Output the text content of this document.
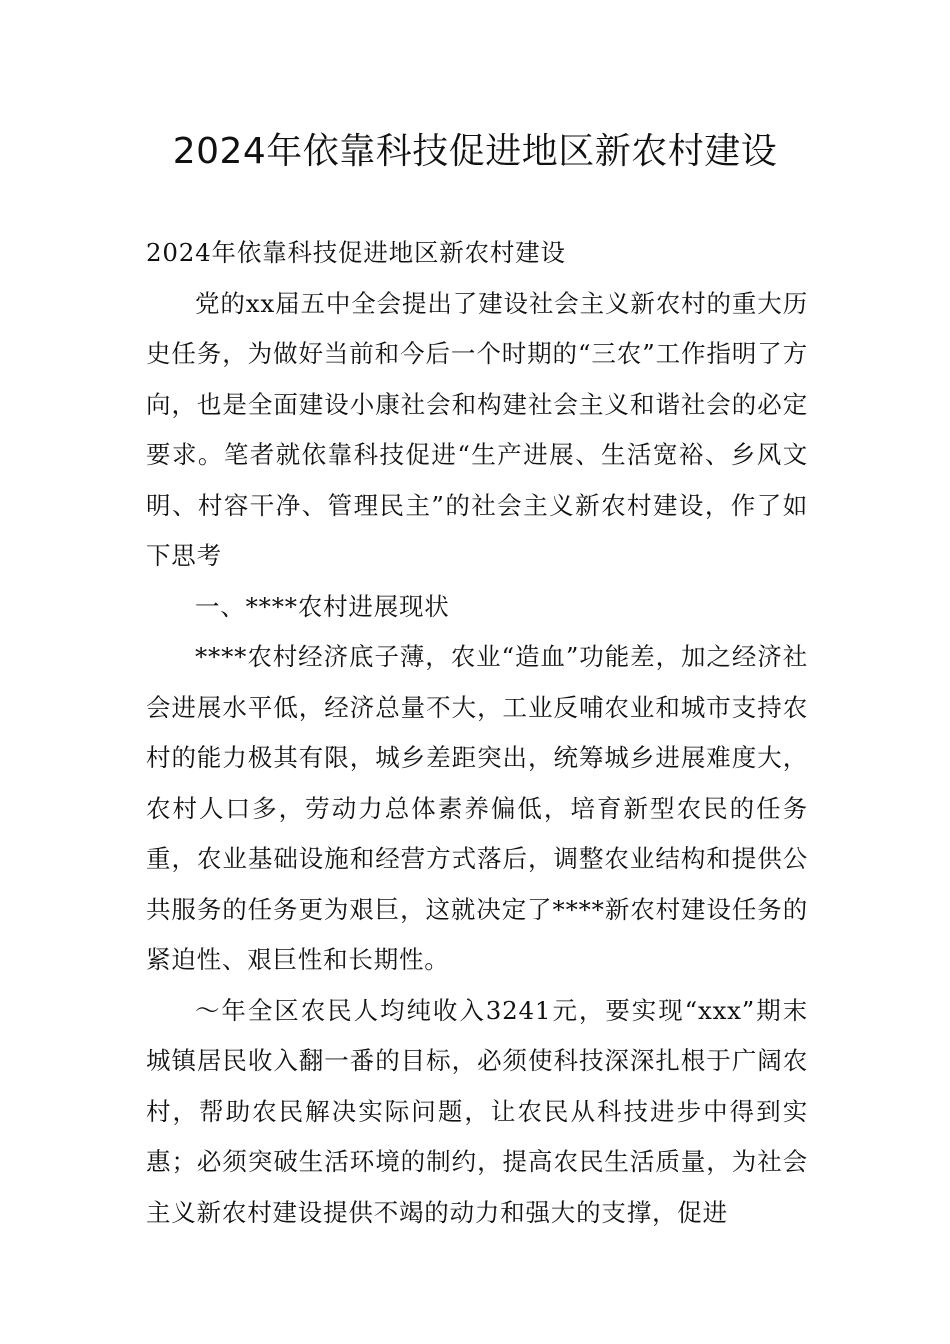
2024年依靠科技促进地区新农村建设

2024年依靠科技促进地区新农村建设

党的xx届五中全会提出了建设社会主义新农村的重大历史任务，为做好当前和今后一个时期的“三农”工作指明了方向，也是全面建设小康社会和构建社会主义和谐社会的必定要求。笔者就依靠科技促进“生产进展、生活宽裕、乡风文明、村容干净、管理民主”的社会主义新农村建设，作了如下思考

一、****农村进展现状

****农村经济底子薄，农业“造血”功能差，加之经济社会进展水平低，经济总量不大，工业反哺农业和城市支持农村的能力极其有限，城乡差距突出，统筹城乡进展难度大，农村人口多，劳动力总体素养偏低，培育新型农民的任务重，农业基础设施和经营方式落后，调整农业结构和提供公共服务的任务更为艰巨，这就决定了****新农村建设任务的紧迫性、艰巨性和长期性。

～年全区农民人均纯收入3241元，要实现“xxx”期末城镇居民收入翻一番的目标，必须使科技深深扎根于广阔农村，帮助农民解决实际问题，让农民从科技进步中得到实惠；必须突破生活环境的制约，提高农民生活质量，为社会主义新农村建设提供不竭的动力和强大的支撑，促进
